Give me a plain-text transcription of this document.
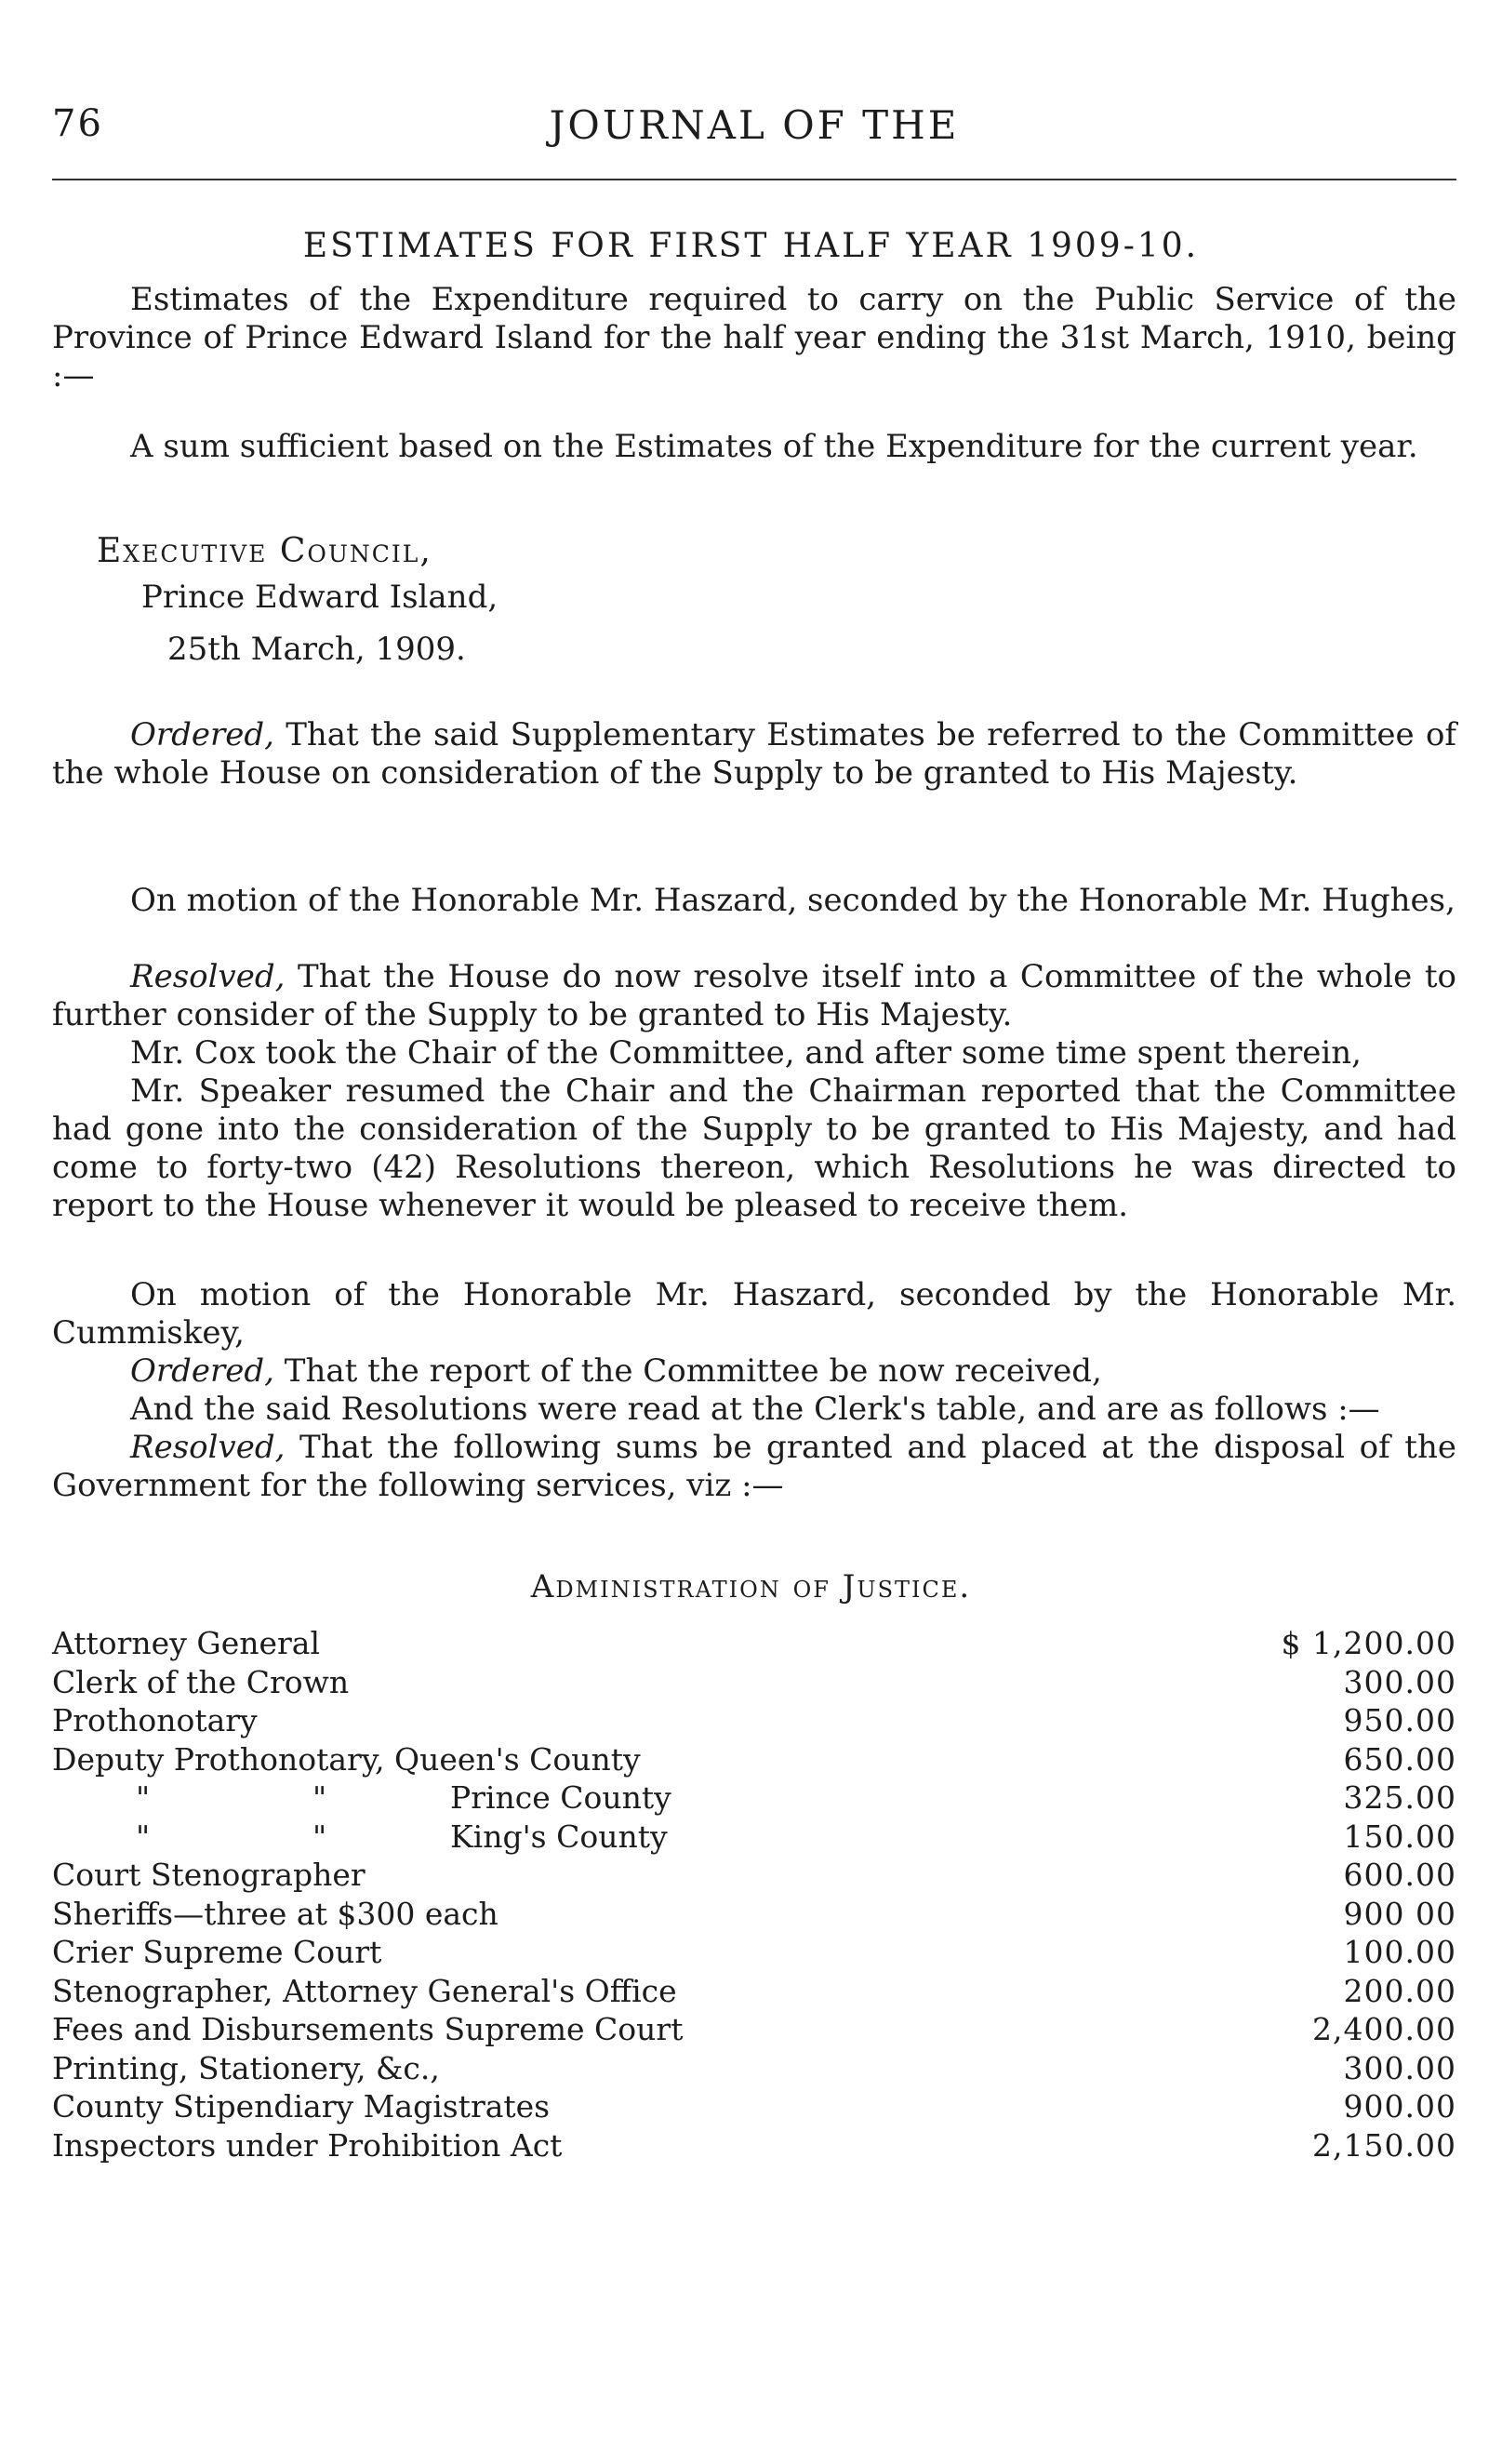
76	JOURNAL OF THE
ESTIMATES FOR FIRST HALF YEAR 1909-10.

Estimates of the Expenditure required to carry on the Public Service of the Province of Prince Edward Island for the half year ending the 31st March, 1910, being :—

A sum sufficient based on the Estimates of the Expenditure for the current year.

Executive Council,
Prince Edward Island,
25th March, 1909.

Ordered, That the said Supplementary Estimates be referred to the Committee of the whole House on consideration of the Supply to be granted to His Majesty.

On motion of the Honorable Mr. Haszard, seconded by the Honorable Mr. Hughes,

Resolved, That the House do now resolve itself into a Committee of the whole to further consider of the Supply to be granted to His Majesty.

Mr. Cox took the Chair of the Committee, and after some time spent therein,

Mr. Speaker resumed the Chair and the Chairman reported that the Committee had gone into the consideration of the Supply to be granted to His Majesty, and had come to forty-two (42) Resolutions thereon, which Resolutions he was directed to report to the House whenever it would be pleased to receive them.

On motion of the Honorable Mr. Haszard, seconded by the Honorable Mr. Cummiskey,

Ordered, That the report of the Committee be now received,

And the said Resolutions were read at the Clerk's table, and are as follows :—

Resolved, That the following sums be granted and placed at the disposal of the Government for the following services, viz :—

Administration of Justice.
Attorney General	$ 1,200.00
Clerk of the Crown	300.00
Prothonotary	950.00
Deputy Prothonotary, Queen's County	650.00
"	"	Prince County	325.00
"	"	King's County	150.00
Court Stenographer	600.00
Sheriffs—three at $300 each	900 00
Crier Supreme Court	100.00
Stenographer, Attorney General's Office	200.00
Fees and Disbursements Supreme Court	2,400.00
Printing, Stationery, &c.,	300.00
County Stipendiary Magistrates	900.00
Inspectors under Prohibition Act	2,150.00
